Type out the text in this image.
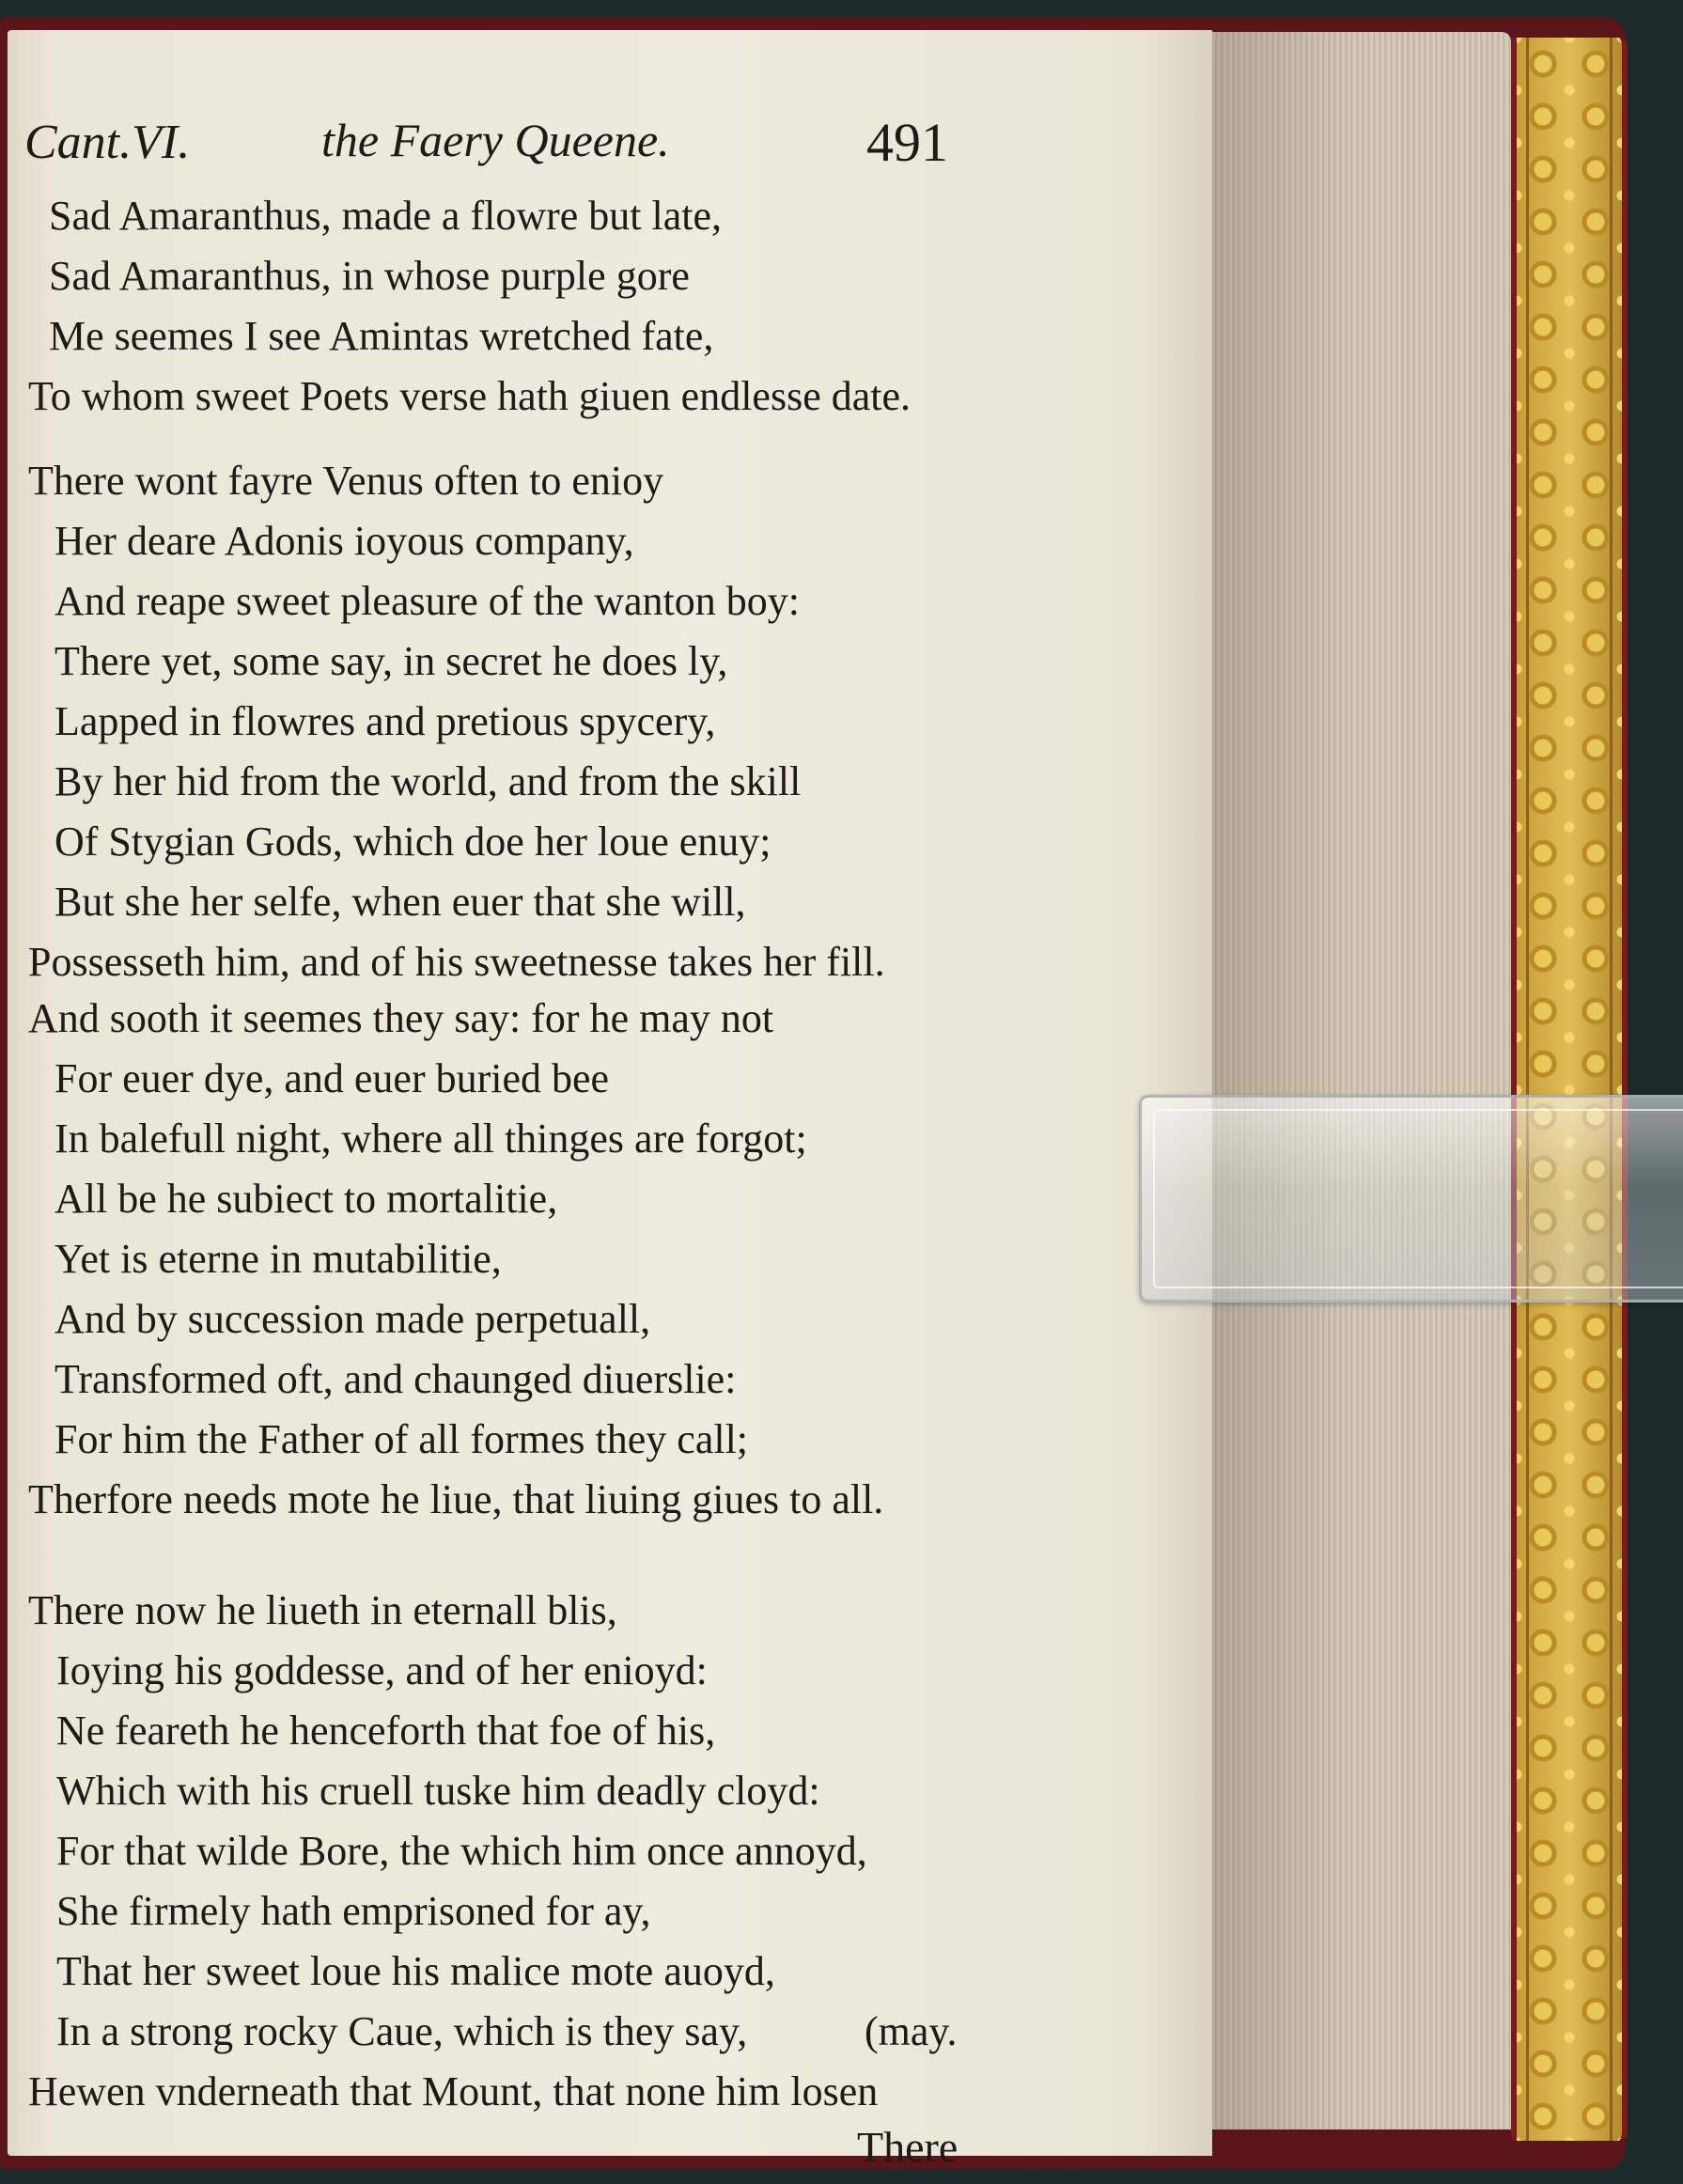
Cant.VI.	the Faery Queene.	491
Sad Amaranthus, made a flowre but late,
Sad Amaranthus, in whose purple gore
Me seemes I see Amintas wretched fate,
To whom sweet Poets verse hath giuen endlesse date.
There wont fayre Venus often to enioy
Her deare Adonis ioyous company,
And reape sweet pleasure of the wanton boy:
There yet, some say, in secret he does ly,
Lapped in flowres and pretious spycery,
By her hid from the world, and from the skill
Of Stygian Gods, which doe her loue enuy;
But she her selfe, when euer that she will,
Possesseth him, and of his sweetnesse takes her fill.
And sooth it seemes they say: for he may not
For euer dye, and euer buried bee
In balefull night, where all thinges are forgot;
All be he subiect to mortalitie,
Yet is eterne in mutabilitie,
And by succession made perpetuall,
Transformed oft, and chaunged diuerslie:
For him the Father of all formes they call;
Therfore needs mote he liue, that liuing giues to all.
There now he liueth in eternall blis,
Ioying his goddesse, and of her enioyd:
Ne feareth he henceforth that foe of his,
Which with his cruell tuske him deadly cloyd:
For that wilde Bore, the which him once annoyd,
She firmely hath emprisoned for ay,
That her sweet loue his malice mote auoyd,
In a strong rocky Caue, which is they say,	(may.
Hewen vnderneath that Mount, that none him losen
There
